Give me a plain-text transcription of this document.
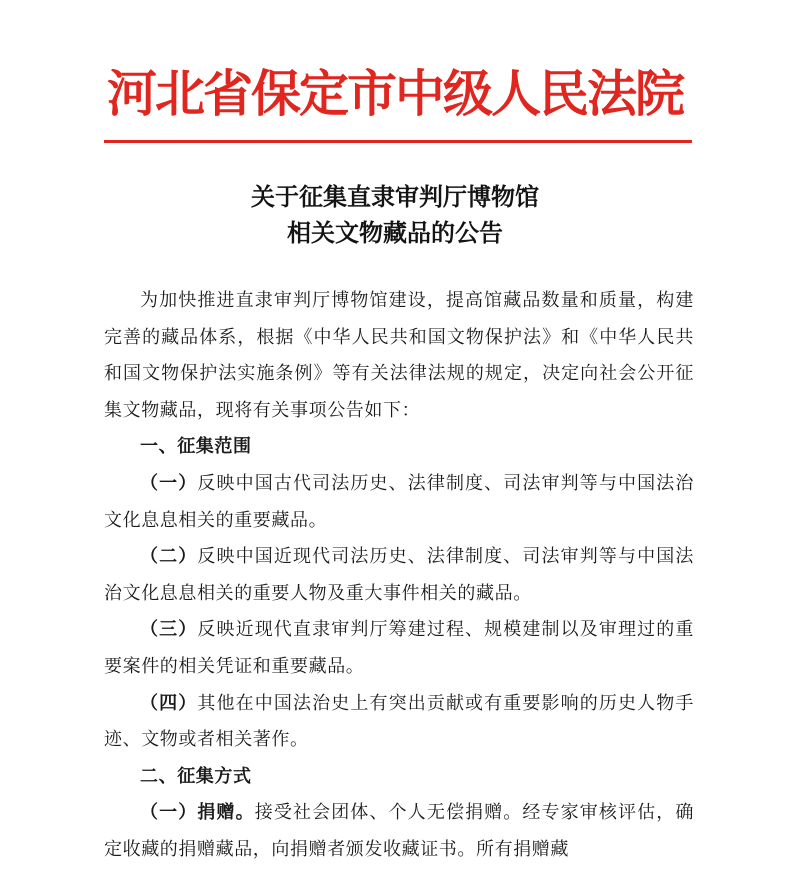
河北省保定市中级人民法院
关于征集直隶审判厅博物馆
相关文物藏品的公告

为加快推进直隶审判厅博物馆建设，提高馆藏品数量和质量，构建完善的藏品体系，根据《中华人民共和国文物保护法》和《中华人民共和国文物保护法实施条例》等有关法律法规的规定，决定向社会公开征集文物藏品，现将有关事项公告如下：

一、征集范围

（一）反映中国古代司法历史、法律制度、司法审判等与中国法治文化息息相关的重要藏品。

（二）反映中国近现代司法历史、法律制度、司法审判等与中国法治文化息息相关的重要人物及重大事件相关的藏品。

（三）反映近现代直隶审判厅筹建过程、规模建制以及审理过的重要案件的相关凭证和重要藏品。

（四）其他在中国法治史上有突出贡献或有重要影响的历史人物手迹、文物或者相关著作。

二、征集方式

（一）捐赠。接受社会团体、个人无偿捐赠。经专家审核评估，确定收藏的捐赠藏品，向捐赠者颁发收藏证书。所有捐赠藏
